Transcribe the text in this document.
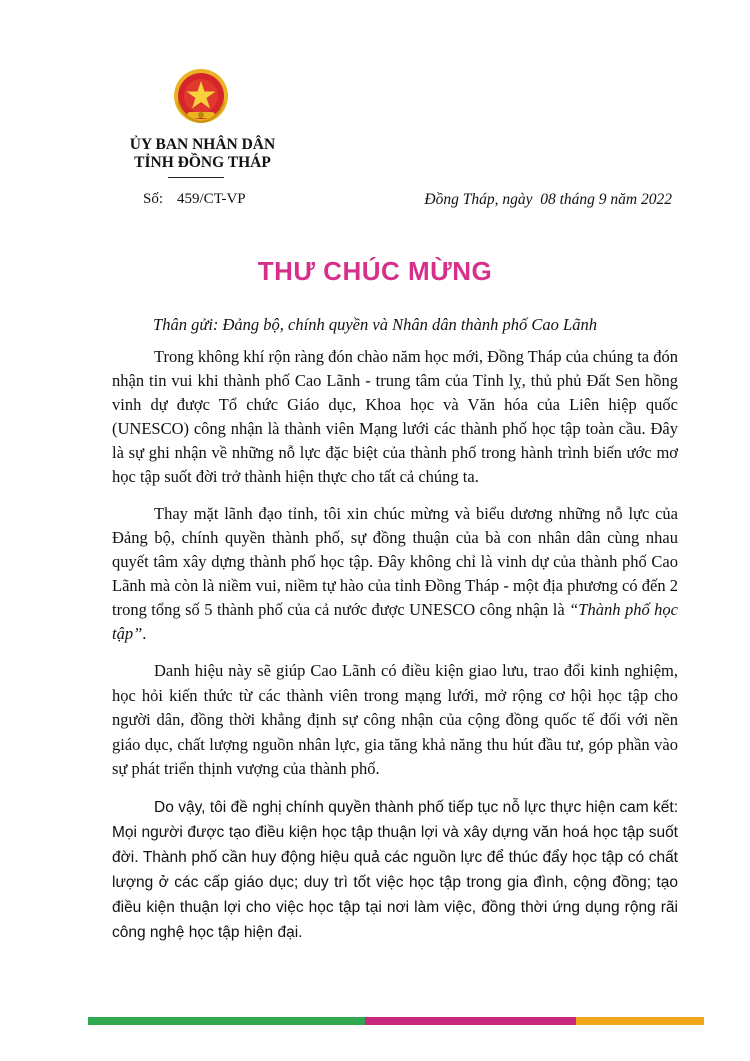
ỦY BAN NHÂN DÂN
TỈNH ĐỒNG THÁP
Số: 459/CT-VP	Đồng Tháp, ngày 08 tháng 9 năm 2022
THƯ CHÚC MỪNG
Thân gửi: Đảng bộ, chính quyền và Nhân dân thành phố Cao Lãnh

Trong không khí rộn ràng đón chào năm học mới, Đồng Tháp của chúng ta đón nhận tin vui khi thành phố Cao Lãnh - trung tâm của Tỉnh lỵ, thủ phủ Đất Sen hồng vinh dự được Tổ chức Giáo dục, Khoa học và Văn hóa của Liên hiệp quốc (UNESCO) công nhận là thành viên Mạng lưới các thành phố học tập toàn cầu. Đây là sự ghi nhận về những nỗ lực đặc biệt của thành phố trong hành trình biến ước mơ học tập suốt đời trở thành hiện thực cho tất cả chúng ta.

Thay mặt lãnh đạo tỉnh, tôi xin chúc mừng và biểu dương những nỗ lực của Đảng bộ, chính quyền thành phố, sự đồng thuận của bà con nhân dân cùng nhau quyết tâm xây dựng thành phố học tập. Đây không chỉ là vinh dự của thành phố Cao Lãnh mà còn là niềm vui, niềm tự hào của tỉnh Đồng Tháp - một địa phương có đến 2 trong tổng số 5 thành phố của cả nước được UNESCO công nhận là “Thành phố học tập”.

Danh hiệu này sẽ giúp Cao Lãnh có điều kiện giao lưu, trao đổi kinh nghiệm, học hỏi kiến thức từ các thành viên trong mạng lưới, mở rộng cơ hội học tập cho người dân, đồng thời khẳng định sự công nhận của cộng đồng quốc tế đối với nền giáo dục, chất lượng nguồn nhân lực, gia tăng khả năng thu hút đầu tư, góp phần vào sự phát triển thịnh vượng của thành phố.

Do vậy, tôi đề nghị chính quyền thành phố tiếp tục nỗ lực thực hiện cam kết: Mọi người được tạo điều kiện học tập thuận lợi và xây dựng văn hoá học tập suốt đời. Thành phố cần huy động hiệu quả các nguồn lực để thúc đẩy học tập có chất lượng ở các cấp giáo dục; duy trì tốt việc học tập trong gia đình, cộng đồng; tạo điều kiện thuận lợi cho việc học tập tại nơi làm việc, đồng thời ứng dụng rộng rãi công nghệ học tập hiện đại.
